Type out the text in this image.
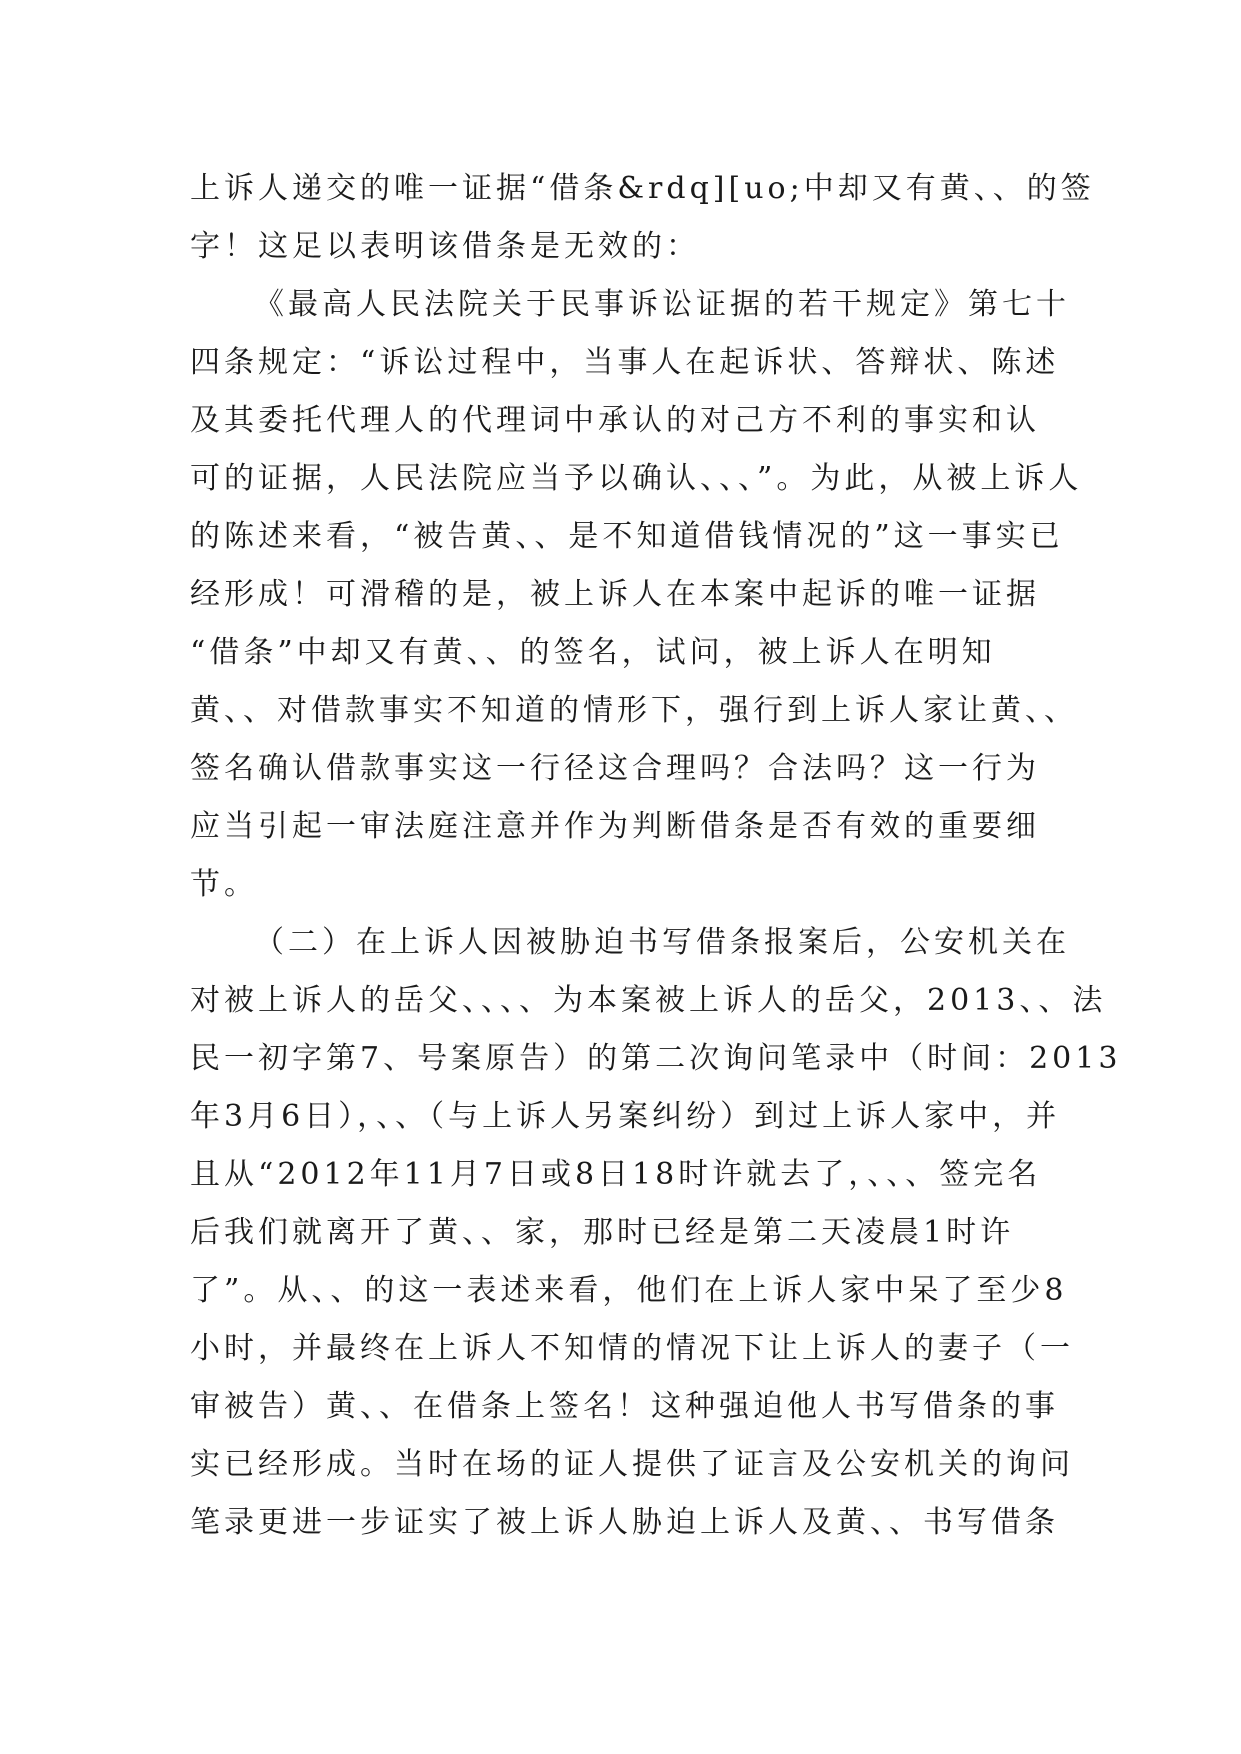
上诉人递交的唯一证据“借条&rdq][uo;中却又有黄、、的签
字！这足以表明该借条是无效的：
《最高人民法院关于民事诉讼证据的若干规定》第七十
四条规定：“诉讼过程中，当事人在起诉状、答辩状、陈述
及其委托代理人的代理词中承认的对己方不利的事实和认
可的证据，人民法院应当予以确认、、、”。为此，从被上诉人
的陈述来看，“被告黄、、是不知道借钱情况的”这一事实已
经形成！可滑稽的是，被上诉人在本案中起诉的唯一证据
“借条”中却又有黄、、的签名，试问，被上诉人在明知
黄、、对借款事实不知道的情形下，强行到上诉人家让黄、、
签名确认借款事实这一行径这合理吗？合法吗？这一行为
应当引起一审法庭注意并作为判断借条是否有效的重要细
节。
（二）在上诉人因被胁迫书写借条报案后，公安机关在
对被上诉人的岳父、、、、为本案被上诉人的岳父，2013、、法
民一初字第7、号案原告）的第二次询问笔录中（时间：2013
年3月6日），、、（与上诉人另案纠纷）到过上诉人家中，并
且从“2012年11月7日或8日18时许就去了，、、、签完名
后我们就离开了黄、、家，那时已经是第二天凌晨1时许
了”。从、、的这一表述来看，他们在上诉人家中呆了至少8
小时，并最终在上诉人不知情的情况下让上诉人的妻子（一
审被告）黄、、在借条上签名！这种强迫他人书写借条的事
实已经形成。当时在场的证人提供了证言及公安机关的询问
笔录更进一步证实了被上诉人胁迫上诉人及黄、、书写借条
